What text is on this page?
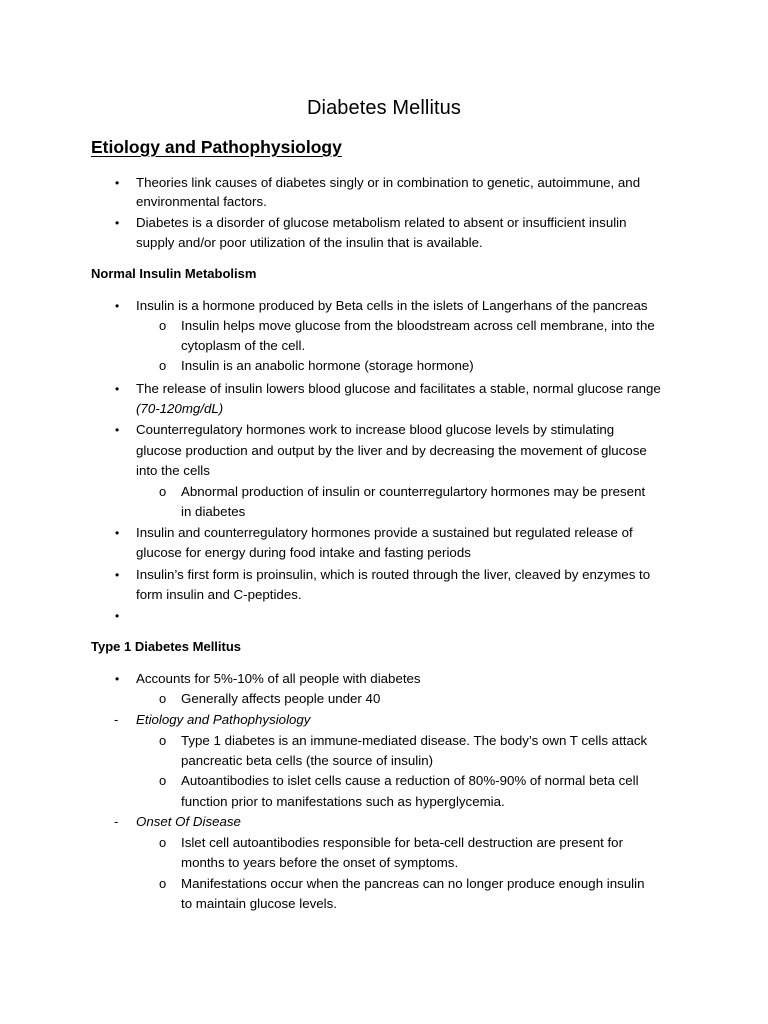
Diabetes Mellitus
Etiology and Pathophysiology
• Theories link causes of diabetes singly or in combination to genetic, autoimmune, and
environmental factors.
• Diabetes is a disorder of glucose metabolism related to absent or insufficient insulin
supply and/or poor utilization of the insulin that is available.
Normal Insulin Metabolism
• Insulin is a hormone produced by Beta cells in the islets of Langerhans of the pancreas
o Insulin helps move glucose from the bloodstream across cell membrane, into the
cytoplasm of the cell.
o Insulin is an anabolic hormone (storage hormone)
• The release of insulin lowers blood glucose and facilitates a stable, normal glucose range
(70-120mg/dL)
• Counterregulatory hormones work to increase blood glucose levels by stimulating
glucose production and output by the liver and by decreasing the movement of glucose
into the cells
o Abnormal production of insulin or counterregulartory hormones may be present
in diabetes
• Insulin and counterregulatory hormones provide a sustained but regulated release of
glucose for energy during food intake and fasting periods
• Insulin’s first form is proinsulin, which is routed through the liver, cleaved by enzymes to
form insulin and C-peptides.
•
Type 1 Diabetes Mellitus
• Accounts for 5%-10% of all people with diabetes
o Generally affects people under 40
- Etiology and Pathophysiology
o Type 1 diabetes is an immune-mediated disease. The body’s own T cells attack
pancreatic beta cells (the source of insulin)
o Autoantibodies to islet cells cause a reduction of 80%-90% of normal beta cell
function prior to manifestations such as hyperglycemia.
- Onset Of Disease
o Islet cell autoantibodies responsible for beta-cell destruction are present for
months to years before the onset of symptoms.
o Manifestations occur when the pancreas can no longer produce enough insulin
to maintain glucose levels.
